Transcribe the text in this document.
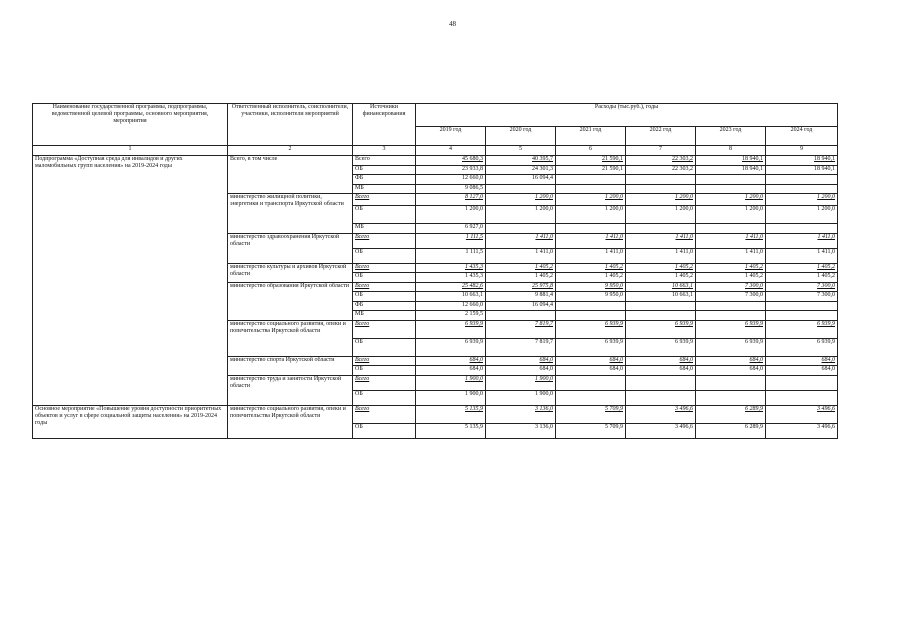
48
Наименование государственной программы, подпрограммы, ведомственной целевой программы, основного мероприятия, мероприятия	Ответственный исполнитель, соисполнители, участники, исполнители мероприятий	Источники финансирования	Расходы (тыс.руб.), годы					
			2019 год	2020 год	2021 год	2022 год	2023 год	2024 год
1	2	3	4	5	6	7	8	9
Подпрограмма «Доступная среда для инвалидов и других маломобильных групп населения» на 2019-2024 годы	Всего, в том числе	Всего	45 680,3	40 395,7	21 590,1	22 303,2	18 940,1	18 940,1
		ОБ	23 933,8	24 301,3	21 590,1	22 303,2	18 940,1	18 940,1
		ФБ	12 660,0	16 094,4				
		МБ	9 086,5					
	министерство жилищной политики, энергетики и транспорта Иркутской области	Всего	8 127,0	1 200,0	1 200,0	1 200,0	1 200,0	1 200,0
		ОБ	1 200,0	1 200,0	1 200,0	1 200,0	1 200,0	1 200,0
		МБ	6 927,0					
	министерство здравоохранения Иркутской области	Всего	1 111,5	1 411,0	1 411,0	1 411,0	1 411,0	1 411,0
		ОБ	1 111,5	1 411,0	1 411,0	1 411,0	1 411,0	1 411,0
	министерство культуры и архивов Иркутской области	Всего	1 435,3	1 405,2	1 405,2	1 405,2	1 405,2	1 405,2
		ОБ	1 435,3	1 405,2	1 405,2	1 405,2	1 405,2	1 405,2
	министерство образования Иркутской области	Всего	25 482,6	25 975,8	9 950,0	10 663,1	7 300,0	7 300,0
		ОБ	10 663,1	9 881,4	9 950,0	10 663,1	7 300,0	7 300,0
		ФБ	12 660,0	16 094,4				
		МБ	2 159,5					
	министерство социального развития, опеки и попечительства Иркутской области	Всего	6 939,9	7 819,7	6 939,9	6 939,9	6 939,9	6 939,9
		ОБ	6 939,9	7 819,7	6 939,9	6 939,9	6 939,9	6 939,9
	министерство спорта Иркутской области	Всего	684,0	684,0	684,0	684,0	684,0	684,0
		ОБ	684,0	684,0	684,0	684,0	684,0	684,0
	министерство труда и занятости Иркутской области	Всего	1 900,0	1 900,0				
		ОБ	1 900,0	1 900,0				
Основное мероприятие «Повышение уровня доступности приоритетных объектов и услуг в сфере социальной защиты населения» на 2019-2024 годы	министерство социального развития, опеки и попечительства Иркутской области	Всего	5 135,9	3 136,0	5 709,9	3 496,6	6 289,9	3 496,6
		ОБ	5 135,9	3 136,0	5 709,9	3 496,6	6 289,9	3 496,6
